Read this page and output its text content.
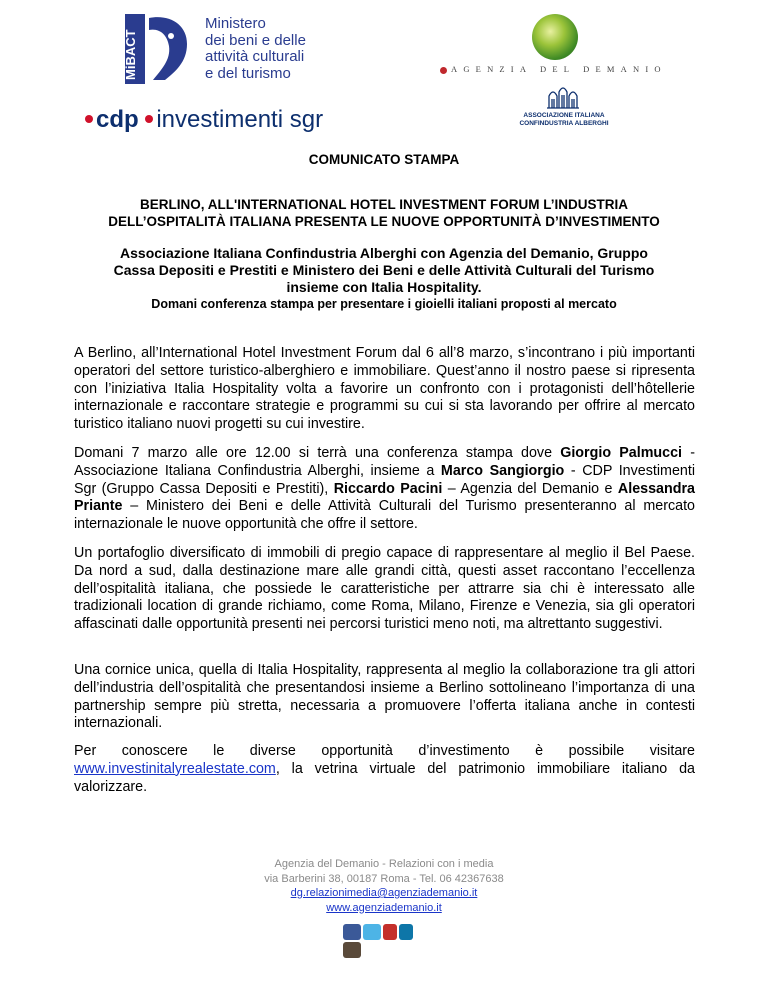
MiBACT
Ministero
dei beni e delle
attività culturali
e del turismo	AGENZIA DEL DEMANIO
cdp investimenti sgr	ASSOCIAZIONE ITALIANA
CONFINDUSTRIA ALBERGHI
COMUNICATO STAMPA
BERLINO, ALL'INTERNATIONAL HOTEL INVESTMENT FORUM L’INDUSTRIA
DELL’OSPITALITÀ ITALIANA PRESENTA LE NUOVE OPPORTUNITÀ D’INVESTIMENTO
Associazione Italiana Confindustria Alberghi con Agenzia del Demanio, Gruppo
Cassa Depositi e Prestiti e Ministero dei Beni e delle Attività Culturali del Turismo
insieme con Italia Hospitality.
Domani conferenza stampa per presentare i gioielli italiani proposti al mercato
A Berlino, all’International Hotel Investment Forum dal 6 all’8 marzo, s’incontrano i più importanti operatori del settore turistico-alberghiero e immobiliare. Quest’anno il nostro paese si ripresenta con l’iniziativa Italia Hospitality volta a favorire un confronto con i protagonisti dell’hôtellerie internazionale e raccontare strategie e programmi su cui si sta lavorando per offrire al mercato turistico italiano nuovi progetti su cui investire.
Domani 7 marzo alle ore 12.00 si terrà una conferenza stampa dove Giorgio Palmucci - Associazione Italiana Confindustria Alberghi, insieme a Marco Sangiorgio - CDP Investimenti Sgr (Gruppo Cassa Depositi e Prestiti), Riccardo Pacini – Agenzia del Demanio e Alessandra Priante – Ministero dei Beni e delle Attività Culturali del Turismo presenteranno al mercato internazionale le nuove opportunità che offre il settore.
Un portafoglio diversificato di immobili di pregio capace di rappresentare al meglio il Bel Paese. Da nord a sud, dalla destinazione mare alle grandi città, questi asset raccontano l’eccellenza dell’ospitalità italiana, che possiede le caratteristiche per attrarre sia chi è interessato alle tradizionali location di grande richiamo, come Roma, Milano, Firenze e Venezia, sia gli operatori affascinati dalle opportunità presenti nei percorsi turistici meno noti, ma altrettanto suggestivi.
Una cornice unica, quella di Italia Hospitality, rappresenta al meglio la collaborazione tra gli attori dell’industria dell’ospitalità che presentandosi insieme a Berlino sottolineano l’importanza di una partnership sempre più stretta, necessaria a promuovere l’offerta italiana anche in contesti internazionali.
Per conoscere le diverse opportunità d’investimento è possibile visitare www.investinitalyrealestate.com, la vetrina virtuale del patrimonio immobiliare italiano da valorizzare.
Agenzia del Demanio - Relazioni con i media
via Barberini 38, 00187 Roma - Tel. 06 42367638
dg.relazionimedia@agenziademanio.it
www.agenziademanio.it
